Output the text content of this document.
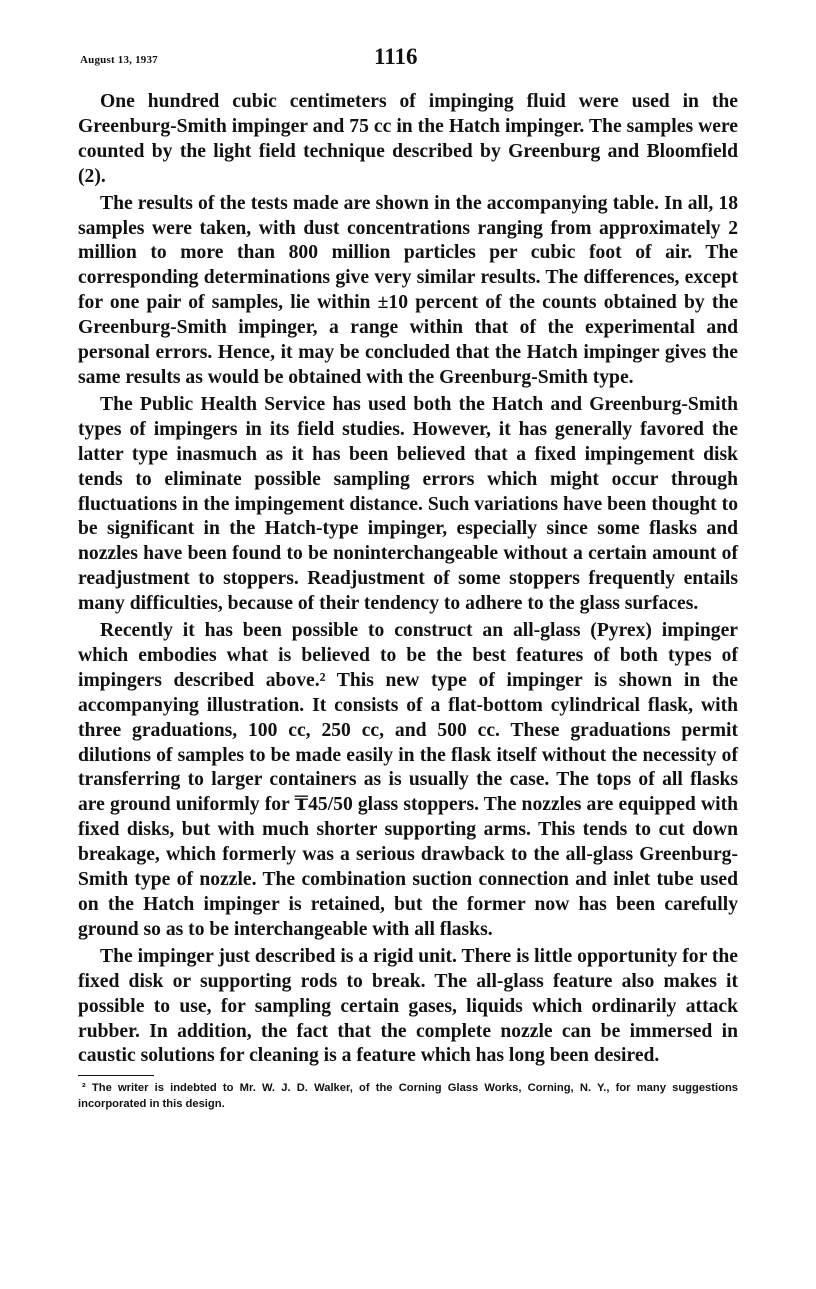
August 13, 1937	1116

One hundred cubic centimeters of impinging fluid were used in the Greenburg-Smith impinger and 75 cc in the Hatch impinger. The samples were counted by the light field technique described by Greenburg and Bloomfield (2).

The results of the tests made are shown in the accompanying table. In all, 18 samples were taken, with dust concentrations ranging from approximately 2 million to more than 800 million particles per cubic foot of air. The corresponding determinations give very similar results. The differences, except for one pair of samples, lie within ±10 percent of the counts obtained by the Greenburg-Smith impinger, a range within that of the experimental and personal errors. Hence, it may be concluded that the Hatch impinger gives the same results as would be obtained with the Greenburg-Smith type.

The Public Health Service has used both the Hatch and Greenburg-Smith types of impingers in its field studies. However, it has generally favored the latter type inasmuch as it has been believed that a fixed impingement disk tends to eliminate possible sampling errors which might occur through fluctuations in the impingement distance. Such variations have been thought to be significant in the Hatch-type impinger, especially since some flasks and nozzles have been found to be noninterchangeable without a certain amount of readjustment to stoppers. Readjustment of some stoppers frequently entails many difficulties, because of their tendency to adhere to the glass surfaces.

Recently it has been possible to construct an all-glass (Pyrex) impinger which embodies what is believed to be the best features of both types of impingers described above.² This new type of impinger is shown in the accompanying illustration. It consists of a flat-bottom cylindrical flask, with three graduations, 100 cc, 250 cc, and 500 cc. These graduations permit dilutions of samples to be made easily in the flask itself without the necessity of transferring to larger containers as is usually the case. The tops of all flasks are ground uniformly for ₸45/50 glass stoppers. The nozzles are equipped with fixed disks, but with much shorter supporting arms. This tends to cut down breakage, which formerly was a serious drawback to the all-glass Greenburg-Smith type of nozzle. The combination suction connection and inlet tube used on the Hatch impinger is retained, but the former now has been carefully ground so as to be interchangeable with all flasks.

The impinger just described is a rigid unit. There is little opportunity for the fixed disk or supporting rods to break. The all-glass feature also makes it possible to use, for sampling certain gases, liquids which ordinarily attack rubber. In addition, the fact that the complete nozzle can be immersed in caustic solutions for cleaning is a feature which has long been desired.

² The writer is indebted to Mr. W. J. D. Walker, of the Corning Glass Works, Corning, N. Y., for many suggestions incorporated in this design.
